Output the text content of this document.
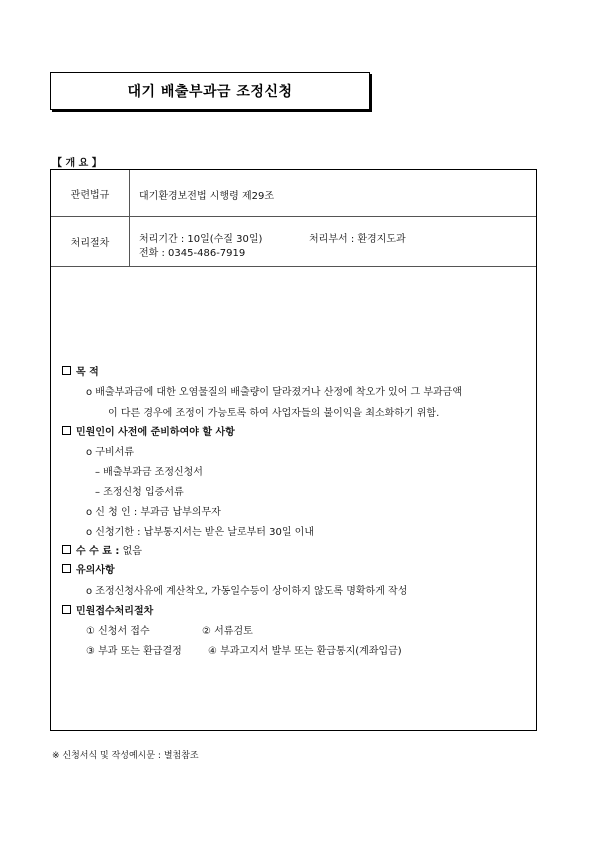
대기 배출부과금 조정신청
【 개 요 】
관련법규	대기환경보전법 시행령 제29조
처리절차	처리기간 : 10일(수질 30일)	처리부서 : 환경지도과
전화 : 0345-486-7919
목 적
o 배출부과금에 대한 오염물질의 배출량이 달라졌거나 산정에 착오가 있어 그 부과금액
이 다른 경우에 조정이 가능토록 하여 사업자들의 불이익을 최소화하기 위함.
민원인이 사전에 준비하여야 할 사항
o 구비서류
– 배출부과금 조정신청서
– 조정신청 입증서류
o 신 청 인 : 부과금 납부의무자
o 신청기한 : 납부통지서는 받은 날로부터 30일 이내
수 수 료 : 없음
유의사항
o 조정신청사유에 계산착오, 가동일수등이 상이하지 않도록 명확하게 작성
민원접수처리절차
① 신청서 접수	② 서류검토
③ 부과 또는 환급결정	④ 부과고지서 발부 또는 환급통지(계좌입금)
※ 신청서식 및 작성예시문 : 별첨참조
